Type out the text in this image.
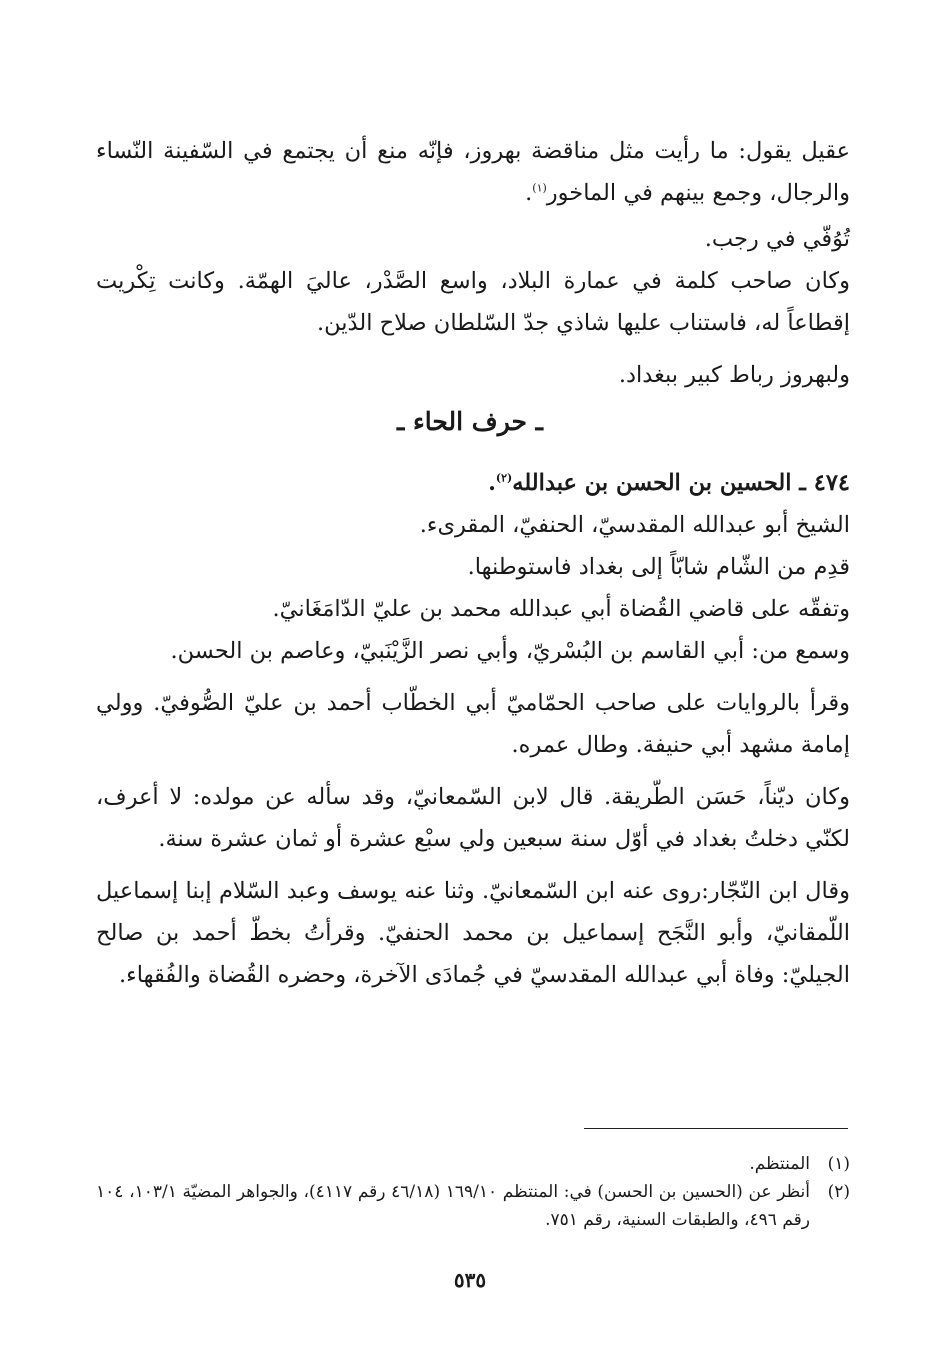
عقيل يقول: ما رأيت مثل مناقضة بهروز، فإنّه منع أن يجتمع في السّفينة النّساء والرجال، وجمع بينهم في الماخور$^{(١)}$.

تُوُفّي في رجب.

وكان صاحب كلمة في عمارة البلاد، واسع الصَّدْر، عاليَ الهمّة. وكانت تِكْريت إقطاعاً له، فاستناب عليها شاذي جدّ السّلطان صلاح الدّين.

ولبهروز رباط كبير ببغداد.

ـ حرف الحاء ـ

٤٧٤ ـ الحسين بن الحسن بن عبدالله$^{(٢)}$.

الشيخ أبو عبدالله المقدسيّ، الحنفيّ، المقرىء.

قدِم من الشّام شابّاً إلى بغداد فاستوطنها.

وتفقّه على قاضي القُضاة أبي عبدالله محمد بن عليّ الدّامَغَانيّ.

وسمع من: أبي القاسم بن البُسْريّ، وأبي نصر الزَّيْنَبيّ، وعاصم بن الحسن.

وقرأ بالروايات على صاحب الحمّاميّ أبي الخطّاب أحمد بن عليّ الصُّوفيّ. وولي إمامة مشهد أبي حنيفة. وطال عمره.

وكان ديّناً، حَسَن الطّريقة. قال لابن السّمعانيّ، وقد سأله عن مولده: لا أعرف، لكنّي دخلتُ بغداد في أوّل سنة سبعين ولي سبْع عشرة أو ثمان عشرة سنة.

وقال ابن النّجّار:روى عنه ابن السّمعانيّ. وثنا عنه يوسف وعبد السّلام إبنا إسماعيل اللّمقانيّ، وأبو النَّجَح إسماعيل بن محمد الحنفيّ. وقرأتُ بخطّ أحمد بن صالح الجيليّ: وفاة أبي عبدالله المقدسيّ في جُمادَى الآخرة، وحضره القُضاة والفُقهاء.

(١)
المنتظم.
(٢)
أنظر عن (الحسين بن الحسن) في: المنتظم ١٦٩/١٠ (٤٦/١٨ رقم ٤١١٧)، والجواهر المضيّة ١٠٣/١، ١٠٤ رقم ٤٩٦، والطبقات السنية، رقم ٧٥١.
٥٣٥
